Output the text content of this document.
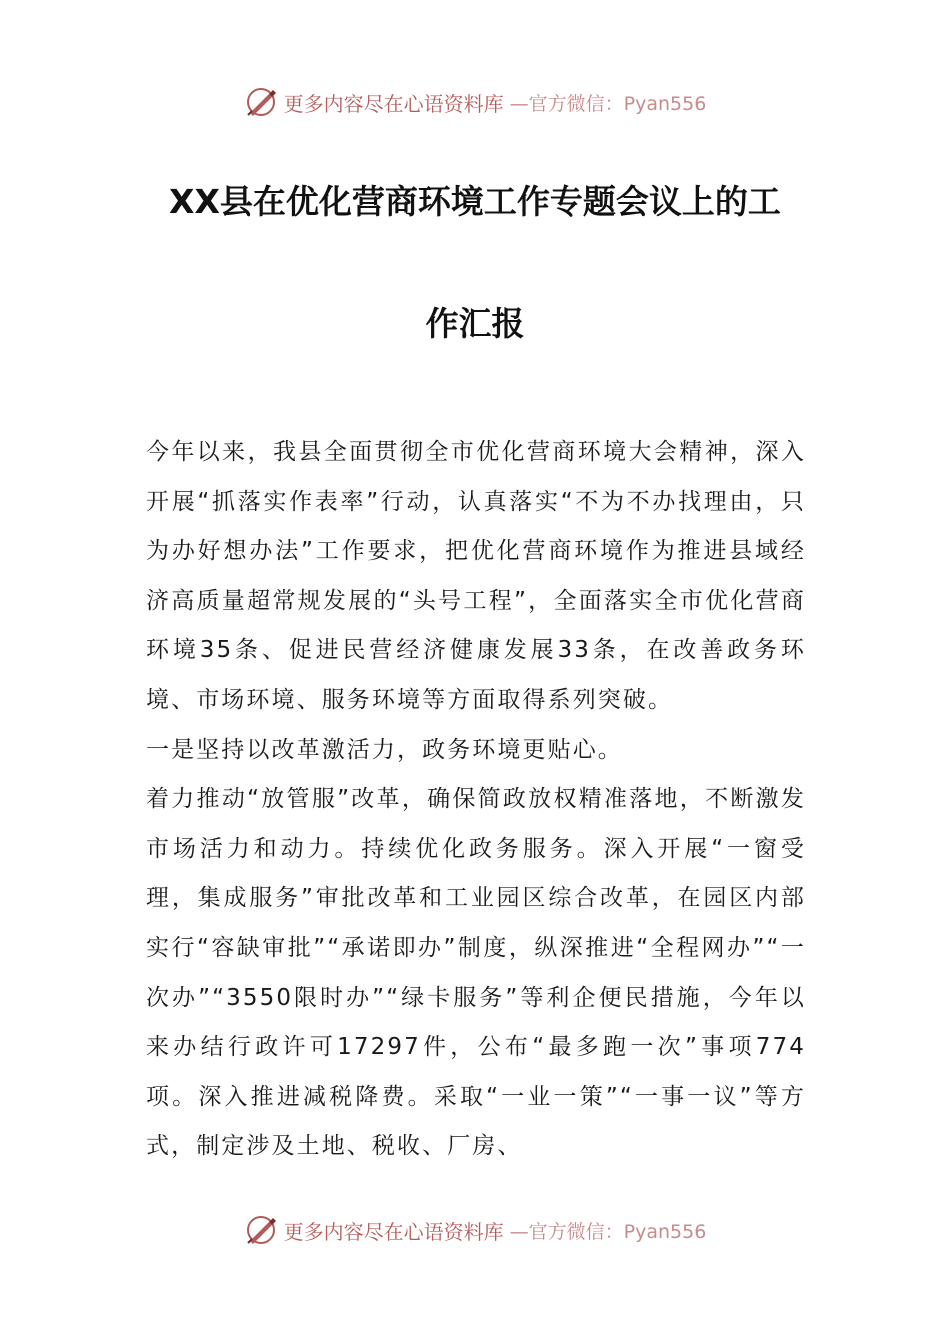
更多内容尽在心语资料库 —官方微信：Pyan556
XX县在优化营商环境工作专题会议上的工
作汇报

今年以来，我县全面贯彻全市优化营商环境大会精神，深入开展“抓落实作表率”行动，认真落实“不为不办找理由，只为办好想办法”工作要求，把优化营商环境作为推进县域经济高质量超常规发展的“头号工程”，全面落实全市优化营商环境35条、促进民营经济健康发展33条，在改善政务环境、市场环境、服务环境等方面取得系列突破。

一是坚持以改革激活力，政务环境更贴心。

着力推动“放管服”改革，确保简政放权精准落地，不断激发市场活力和动力。持续优化政务服务。深入开展“一窗受理，集成服务”审批改革和工业园区综合改革，在园区内部实行“容缺审批”“承诺即办”制度，纵深推进“全程网办”“一次办”“3550限时办”“绿卡服务”等利企便民措施，今年以来办结行政许可17297件，公布“最多跑一次”事项774项。深入推进减税降费。采取“一业一策”“一事一议”等方式，制定涉及土地、税收、厂房、

更多内容尽在心语资料库 —官方微信：Pyan556
